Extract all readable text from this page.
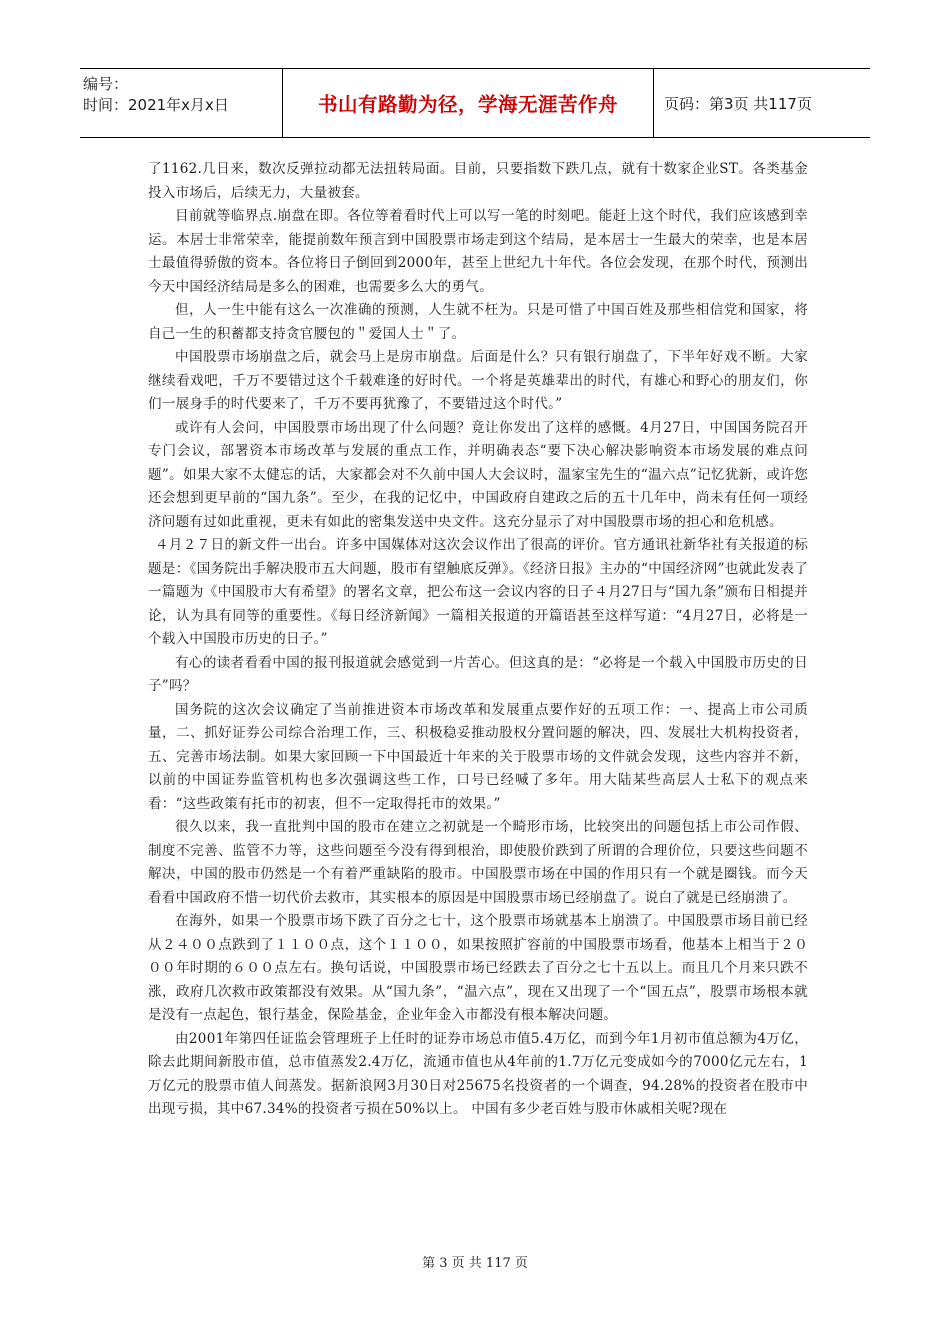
编号：
时间：2021年x月x日	书山有路勤为径，学海无涯苦作舟	页码：第3页 共117页

了1162.几日来，数次反弹拉动都无法扭转局面。目前，只要指数下跌几点，就有十数家企业ST。各类基金投入市场后，后续无力，大量被套。

目前就等临界点.崩盘在即。各位等着看时代上可以写一笔的时刻吧。能赶上这个时代，我们应该感到幸运。本居士非常荣幸，能提前数年预言到中国股票市场走到这个结局，是本居士一生最大的荣幸，也是本居士最值得骄傲的资本。各位将日子倒回到2000年，甚至上世纪九十年代。各位会发现，在那个时代，预测出今天中国经济结局是多么的困难，也需要多么大的勇气。

但，人一生中能有这么一次准确的预测，人生就不枉为。只是可惜了中国百姓及那些相信党和国家，将自己一生的积蓄都支持贪官腰包的＂爱国人士＂了。

中国股票市场崩盘之后，就会马上是房市崩盘。后面是什么？只有银行崩盘了，下半年好戏不断。大家继续看戏吧，千万不要错过这个千载难逢的好时代。一个将是英雄辈出的时代，有雄心和野心的朋友们，你们一展身手的时代要来了，千万不要再犹豫了，不要错过这个时代。”

或许有人会问，中国股票市场出现了什么问题？竟让你发出了这样的感慨。4月27日，中国国务院召开专门会议，部署资本市场改革与发展的重点工作，并明确表态“要下决心解决影响资本市场发展的难点问题”。如果大家不太健忘的话，大家都会对不久前中国人大会议时，温家宝先生的“温六点”记忆犹新，或许您还会想到更早前的“国九条”。至少，在我的记忆中，中国政府自建政之后的五十几年中，尚未有任何一项经济问题有过如此重视，更未有如此的密集发送中央文件。这充分显示了对中国股票市场的担心和危机感。

４月２７日的新文件一出台。许多中国媒体对这次会议作出了很高的评价。官方通讯社新华社有关报道的标题是：《国务院出手解决股市五大问题，股市有望触底反弹》。《经济日报》主办的“中国经济网”也就此发表了一篇题为《中国股市大有希望》的署名文章，把公布这一会议内容的日子４月27日与“国九条”颁布日相提并论，认为具有同等的重要性。《每日经济新闻》一篇相关报道的开篇语甚至这样写道：“4月27日，必将是一个载入中国股市历史的日子。”

有心的读者看看中国的报刊报道就会感觉到一片苦心。但这真的是：“必将是一个载入中国股市历史的日子”吗？

国务院的这次会议确定了当前推进资本市场改革和发展重点要作好的五项工作：一、提高上市公司质量，二、抓好证券公司综合治理工作，三、积极稳妥推动股权分置问题的解决，四、发展壮大机构投资者，五、完善市场法制。如果大家回顾一下中国最近十年来的关于股票市场的文件就会发现，这些内容并不新，以前的中国证券监管机构也多次强调这些工作，口号已经喊了多年。用大陆某些高层人士私下的观点来看：“这些政策有托市的初衷，但不一定取得托市的效果。”

很久以来，我一直批判中国的股市在建立之初就是一个畸形市场，比较突出的问题包括上市公司作假、制度不完善、监管不力等，这些问题至今没有得到根治，即使股价跌到了所谓的合理价位，只要这些问题不解决，中国的股市仍然是一个有着严重缺陷的股市。中国股票市场在中国的作用只有一个就是圈钱。而今天看看中国政府不惜一切代价去救市，其实根本的原因是中国股票市场已经崩盘了。说白了就是已经崩溃了。

在海外，如果一个股票市场下跌了百分之七十，这个股票市场就基本上崩溃了。中国股票市场目前已经从２４００点跌到了１１００点，这个１１００，如果按照扩容前的中国股票市场看，他基本上相当于２０００年时期的６００点左右。换句话说，中国股票市场已经跌去了百分之七十五以上。而且几个月来只跌不涨，政府几次救市政策都没有效果。从“国九条”，“温六点”，现在又出现了一个“国五点”，股票市场根本就是没有一点起色，银行基金，保险基金，企业年金入市都没有根本解决问题。

由2001年第四任证监会管理班子上任时的证券市场总市值5.4万亿，而到今年1月初市值总额为4万亿，除去此期间新股市值，总市值蒸发2.4万亿，流通市值也从4年前的1.7万亿元变成如今的7000亿元左右，1万亿元的股票市值人间蒸发。据新浪网3月30日对25675名投资者的一个调查，94.28%的投资者在股市中出现亏损，其中67.34%的投资者亏损在50%以上。 中国有多少老百姓与股市休戚相关呢?现在

第 3 页 共 117 页
